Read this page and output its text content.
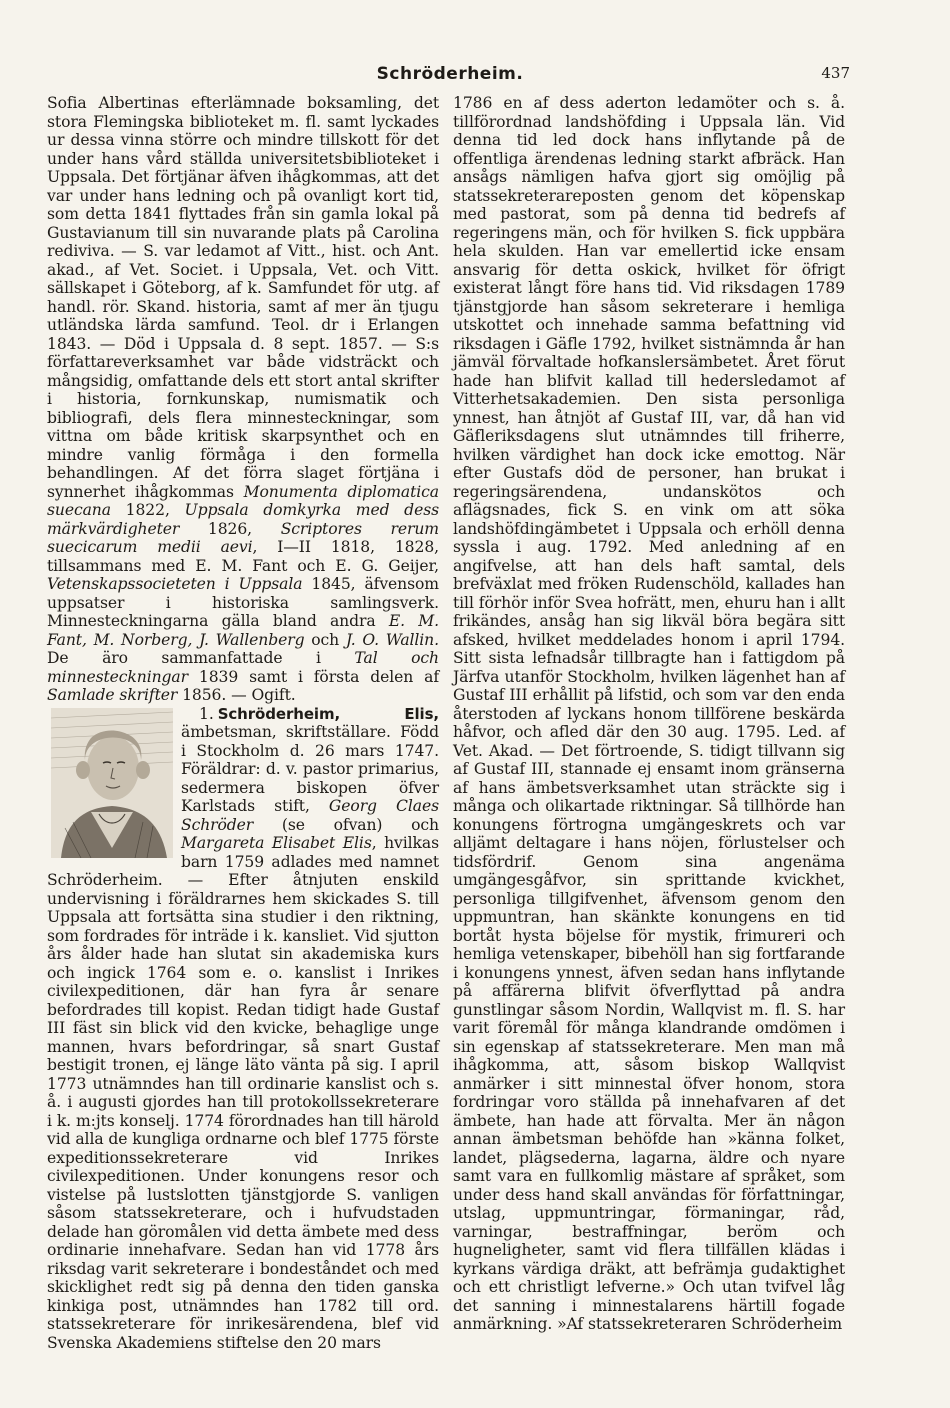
Schröderheim.	437

Sofia Albertinas efterlämnade boksamling, det stora Flemingska biblioteket m. fl. samt lyckades ur dessa vinna större och mindre tillskott för det under hans vård ställda universitetsbiblioteket i Uppsala. Det förtjänar äfven ihågkommas, att det var under hans ledning och på ovanligt kort tid, som detta 1841 flyttades från sin gamla lokal på Gustavianum till sin nuvarande plats på Carolina rediviva. — S. var ledamot af Vitt., hist. och Ant. akad., af Vet. Societ. i Uppsala, Vet. och Vitt. sällskapet i Göteborg, af k. Samfundet för utg. af handl. rör. Skand. historia, samt af mer än tjugu utländska lärda samfund. Teol. dr i Erlangen 1843. — Död i Uppsala d. 8 sept. 1857. — S:s författareverksamhet var både vidsträckt och mångsidig, omfattande dels ett stort antal skrifter i historia, fornkunskap, numismatik och bibliografi, dels flera minnesteckningar, som vittna om både kritisk skarpsynthet och en mindre vanlig förmåga i den formella behandlingen. Af det förra slaget förtjäna i synnerhet ihågkommas Monumenta diplomatica suecana 1822, Uppsala domkyrka med dess märkvärdigheter 1826, Scriptores rerum suecicarum medii aevi, I—II 1818, 1828, tillsammans med E. M. Fant och E. G. Geijer, Vetenskapssocieteten i Uppsala 1845, äfvensom uppsatser i historiska samlingsverk. Minnesteckningarna gälla bland andra E. M. Fant, M. Norberg, J. Wallenberg och J. O. Wallin. De äro sammanfattade i Tal och minnesteckningar 1839 samt i första delen af Samlade skrifter 1856. — Ogift.

1. Schröderheim, Elis,
ämbetsman, skriftställare. Född i Stockholm d. 26 mars 1747. Föräldrar: d. v. pastor primarius, sedermera biskopen öfver Karlstads stift, Georg Claes Schröder (se ofvan) och Margareta Elisabet Elis, hvilkas barn 1759 adlades med namnet Schröderheim. — Efter åtnjuten enskild undervisning i föräldrarnes hem skickades S. till Uppsala att fortsätta sina studier i den riktning, som fordrades för inträde i k. kansliet. Vid sjutton års ålder hade han slutat sin akademiska kurs och ingick 1764 som e. o. kanslist i Inrikes civilexpeditionen, där han fyra år senare befordrades till kopist. Redan tidigt hade Gustaf III fäst sin blick vid den kvicke, behaglige unge mannen, hvars befordringar, så snart Gustaf bestigit tronen, ej länge läto vänta på sig. I april 1773 utnämndes han till ordinarie kanslist och s. å. i augusti gjordes han till protokollssekreterare i k. m:jts konselj. 1774 förordnades han till härold vid alla de kungliga ordnarne och blef 1775 förste expeditionssekreterare vid Inrikes civilexpeditionen. Under konungens resor och vistelse på lustslotten tjänstgjorde S. vanligen såsom statssekreterare, och i hufvudstaden delade han göromålen vid detta ämbete med dess ordinarie innehafvare. Sedan han vid 1778 års riksdag varit sekreterare i bondeståndet och med skicklighet redt sig på denna den tiden ganska kinkiga post, utnämndes han 1782 till ord. statssekreterare för inrikesärendena, blef vid Svenska Akademiens stiftelse den 20 mars

1786 en af dess aderton ledamöter och s. å. tillförordnad landshöfding i Uppsala län. Vid denna tid led dock hans inflytande på de offentliga ärendenas ledning starkt afbräck. Han ansågs nämligen hafva gjort sig omöjlig på statssekreterareposten genom det köpenskap med pastorat, som på denna tid bedrefs af regeringens män, och för hvilken S. fick uppbära hela skulden. Han var emellertid icke ensam ansvarig för detta oskick, hvilket för öfrigt existerat långt före hans tid. Vid riksdagen 1789 tjänstgjorde han såsom sekreterare i hemliga utskottet och innehade samma befattning vid riksdagen i Gäfle 1792, hvilket sistnämnda år han jämväl förvaltade hofkanslersämbetet. Året förut hade han blifvit kallad till hedersledamot af Vitterhetsakademien. Den sista personliga ynnest, han åtnjöt af Gustaf III, var, då han vid Gäfleriksdagens slut utnämndes till friherre, hvilken värdighet han dock icke emottog. När efter Gustafs död de personer, han brukat i regeringsärendena, undanskötos och aflägsnades, fick S. en vink om att söka landshöfdingämbetet i Uppsala och erhöll denna syssla i aug. 1792. Med anledning af en angifvelse, att han dels haft samtal, dels brefväxlat med fröken Rudenschöld, kallades han till förhör inför Svea hofrätt, men, ehuru han i allt frikändes, ansåg han sig likväl böra begära sitt afsked, hvilket meddelades honom i april 1794. Sitt sista lefnadsår tillbragte han i fattigdom på Järfva utanför Stockholm, hvilken lägenhet han af Gustaf III erhållit på lifstid, och som var den enda återstoden af lyckans honom tillförene beskärda håfvor, och afled där den 30 aug. 1795. Led. af Vet. Akad. — Det förtroende, S. tidigt tillvann sig af Gustaf III, stannade ej ensamt inom gränserna af hans ämbetsverksamhet utan sträckte sig i många och olikartade riktningar. Så tillhörde han konungens förtrogna umgängeskrets och var alljämt deltagare i hans nöjen, förlustelser och tidsfördrif. Genom sina angenäma umgängesgåfvor, sin sprittande kvickhet, personliga tillgifvenhet, äfvensom genom den uppmuntran, han skänkte konungens en tid bortåt hysta böjelse för mystik, frimureri och hemliga vetenskaper, bibehöll han sig fortfarande i konungens ynnest, äfven sedan hans inflytande på affärerna blifvit öfverflyttad på andra gunstlingar såsom Nordin, Wallqvist m. fl. S. har varit föremål för många klandrande omdömen i sin egenskap af statssekreterare. Men man må ihågkomma, att, såsom biskop Wallqvist anmärker i sitt minnestal öfver honom, stora fordringar voro ställda på innehafvaren af det ämbete, han hade att förvalta. Mer än någon annan ämbetsman behöfde han »känna folket, landet, plägsederna, lagarna, äldre och nyare samt vara en fullkomlig mästare af språket, som under dess hand skall användas för författningar, utslag, uppmuntringar, förmaningar, råd, varningar, bestraffningar, beröm och hugneligheter, samt vid flera tillfällen klädas i kyrkans värdiga dräkt, att befrämja gudaktighet och ett christligt lefverne.» Och utan tvifvel låg det sanning i minnestalarens härtill fogade anmärkning. »Af statssekreteraren Schröderheim
